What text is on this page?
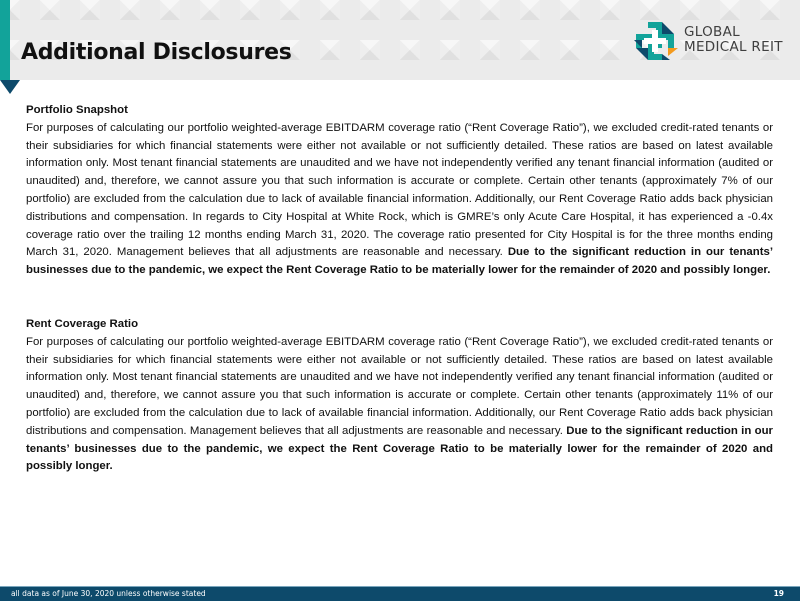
Additional Disclosures
GLOBAL
MEDICAL REIT
Portfolio Snapshot
For purposes of calculating our portfolio weighted-average EBITDARM coverage ratio (“Rent Coverage Ratio”), we excluded credit-rated tenants or their subsidiaries for which financial statements were either not available or not sufficiently detailed. These ratios are based on latest available information only. Most tenant financial statements are unaudited and we have not independently verified any tenant financial information (audited or unaudited) and, therefore, we cannot assure you that such information is accurate or complete. Certain other tenants (approximately 7% of our portfolio) are excluded from the calculation due to lack of available financial information. Additionally, our Rent Coverage Ratio adds back physician distributions and compensation. In regards to City Hospital at White Rock, which is GMRE’s only Acute Care Hospital, it has experienced a -0.4x coverage ratio over the trailing 12 months ending March 31, 2020. The coverage ratio presented for City Hospital is for the three months ending March 31, 2020. Management believes that all adjustments are reasonable and necessary. Due to the significant reduction in our tenants’ businesses due to the pandemic, we expect the Rent Coverage Ratio to be materially lower for the remainder of 2020 and possibly longer.
Rent Coverage Ratio
For purposes of calculating our portfolio weighted-average EBITDARM coverage ratio (“Rent Coverage Ratio”), we excluded credit-rated tenants or their subsidiaries for which financial statements were either not available or not sufficiently detailed. These ratios are based on latest available information only. Most tenant financial statements are unaudited and we have not independently verified any tenant financial information (audited or unaudited) and, therefore, we cannot assure you that such information is accurate or complete. Certain other tenants (approximately 11% of our portfolio) are excluded from the calculation due to lack of available financial information. Additionally, our Rent Coverage Ratio adds back physician distributions and compensation. Management believes that all adjustments are reasonable and necessary. Due to the significant reduction in our tenants’ businesses due to the pandemic, we expect the Rent Coverage Ratio to be materially lower for the remainder of 2020 and possibly longer.
all data as of June 30, 2020 unless otherwise stated	19
